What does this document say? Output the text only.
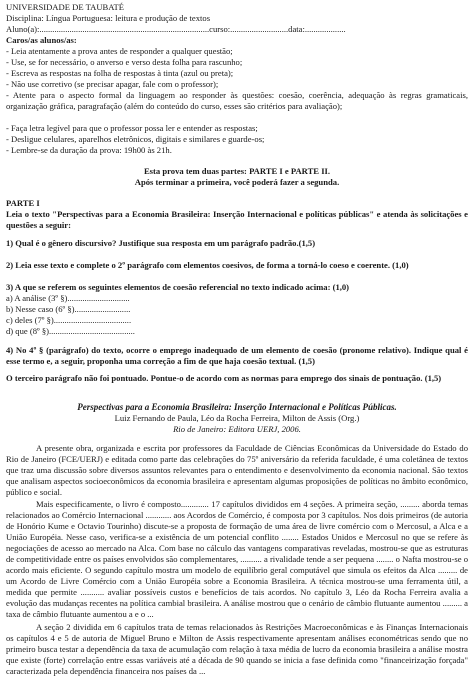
UNIVERSIDADE DE TAUBATÉ
Disciplina: Língua Portuguesa: leitura e produção de textos
Aluno(a):...............................................................................curso:...........................data:...................
Caros/as alunos/as:
- Leia atentamente a prova antes de responder a qualquer questão;
- Use, se for necessário, o anverso e verso desta folha para rascunho;
- Escreva as respostas na folha de respostas à tinta (azul ou preta);
- Não use corretivo (se precisar apagar, fale com o professor);
- Atente para o aspecto formal da linguagem ao responder às questões: coesão, coerência, adequação às regras gramaticais, organização gráfica, paragrafação (além do conteúdo do curso, esses são critérios para avaliação);
- Faça letra legível para que o professor possa ler e entender as respostas;
- Desligue celulares, aparelhos eletrônicos, digitais e similares e guarde-os;
- Lembre-se da duração da prova: 19h00 às 21h.
Esta prova tem duas partes: PARTE I e PARTE II.
Após terminar a primeira, você poderá fazer a segunda.
PARTE I
Leia o texto "Perspectivas para a Economia Brasileira: Inserção Internacional e políticas públicas" e atenda às solicitações e questões a seguir:
1) Qual é o gênero discursivo? Justifique sua resposta em um parágrafo padrão.(1,5)
2) Leia esse texto e complete o 2º parágrafo com elementos coesivos, de forma a torná-lo coeso e coerente. (1,0)
3) A que se referem os seguintes elementos de coesão referencial no texto indicado acima: (1,0)
a) A análise (3º §).............................
b) Nesse caso (6º §)..........................
c) deles (7º §)....................................
d) que (8º §)........................................
4) No 4º § (parágrafo) do texto, ocorre o emprego inadequado de um elemento de coesão (pronome relativo). Indique qual é esse termo e, a seguir, proponha uma correção a fim de que haja coesão textual. (1,5)
O terceiro parágrafo não foi pontuado. Pontue-o de acordo com as normas para emprego dos sinais de pontuação. (1,5)
Perspectivas para a Economia Brasileira: Inserção Internacional e Políticas Públicas.
Luiz Fernando de Paula, Léo da Rocha Ferreira, Milton de Assis (Org.)
Rio de Janeiro: Editora UERJ, 2006.
A presente obra, organizada e escrita por professores da Faculdade de Ciências Econômicas da Universidade do Estado do Rio de Janeiro (FCE/UERJ) e editada como parte das celebrações do 75º aniversário da referida faculdade, é uma coletânea de textos que traz uma discussão sobre diversos assuntos relevantes para o entendimento e desenvolvimento da economia nacional. São textos que analisam aspectos socioeconômicos da economia brasileira e apresentam algumas proposições de políticas no âmbito econômico, público e social.
Mais especificamente, o livro é composto............. 17 capítulos divididos em 4 seções. A primeira seção, ......... aborda temas relacionados ao Comércio Internacional ............ aos Acordos de Comércio, é composta por 3 capítulos. Nos dois primeiros (de autoria de Honório Kume e Octavio Tourinho) discute-se a proposta de formação de uma área de livre comércio com o Mercosul, a Alca e a União Européia. Nesse caso, verifica-se a existência de um potencial conflito ........ Estados Unidos e Mercosul no que se refere às negociações de acesso ao mercado na Alca. Com base no cálculo das vantagens comparativas reveladas, mostrou-se que as estruturas de competitividade entre os países envolvidos são complementares, .......... a rivalidade tende a ser pequena ........ o Nafta mostrou-se o acordo mais eficiente. O segundo capítulo mostra um modelo de equilíbrio geral computável que simula os efeitos da Alca ......... de um Acordo de Livre Comércio com a União Européia sobre a Economia Brasileira. A técnica mostrou-se uma ferramenta útil, a medida que permite ........... avaliar possíveis custos e benefícios de tais acordos. No capítulo 3, Léo da Rocha Ferreira avalia a evolução das mudanças recentes na política cambial brasileira. A análise mostrou que o cenário de câmbio flutuante aumentou ......... a taxa de câmbio flutuante aumentou a e o ...
A seção 2 dividida em 6 capítulos trata de temas relacionados às Restrições Macroeconômicas e às Finanças Internacionais os capítulos 4 e 5 de autoria de Miguel Bruno e Milton de Assis respectivamente apresentam análises econométricas sendo que no primeiro busca testar a dependência da taxa de acumulação com relação à taxa média de lucro da economia brasileira a análise mostra que existe (forte) correlação entre essas variáveis até a década de 90 quando se inicia a fase definida como "financeirização forçada" caracterizada pela dependência financeira nos países da ...
